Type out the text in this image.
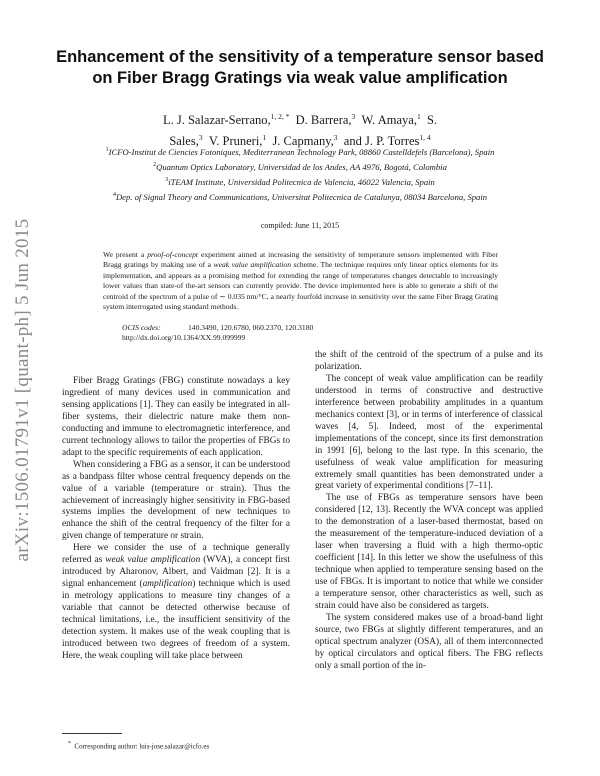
arXiv:1506.01791v1 [quant-ph] 5 Jun 2015
Enhancement of the sensitivity of a temperature sensor based on Fiber Bragg Gratings via weak value amplification
L. J. Salazar-Serrano,$^{1, 2, *}$ D. Barrera,$^3$ W. Amaya,$^1$ S.
Sales,$^3$ V. Pruneri,$^1$ J. Capmany,$^3$ and J. P. Torres$^{1, 4}$
$^1$ICFO-Institut de Ciencies Fotoniques, Mediterranean Technology Park, 08860 Castelldefels (Barcelona), Spain
$^2$Quantum Optics Laboratory, Universidad de los Andes, AA 4976, Bogotá, Colombia
$^3$iTEAM Institute, Universidad Politecnica de Valencia, 46022 Valencia, Spain
$^4$Dep. of Signal Theory and Communications, Universitat Politecnica de Catalunya, 08034 Barcelona, Spain
compiled: June 11, 2015
We present a proof-of-concept experiment aimed at increasing the sensitivity of temperature sensors implemented with Fiber Bragg gratings by making use of a weak value amplification scheme. The technique requires only linear optics elements for its implementation, and appears as a promising method for extending the range of temperatures changes detectable to increasingly lower values than state-of the-art sensors can currently provide. The device implemented here is able to generate a shift of the centroid of the spectrum of a pulse of ∼ 0.035 nm/°C, a nearly fourfold increase in sensitivity over the same Fiber Bragg Grating system interrogated using standard methods.
OCIS codes:	140.3490, 120.6780, 060.2370, 120.3180
http://dx.doi.org/10.1364/XX.99.099999

Fiber Bragg Gratings (FBG) constitute nowadays a key ingredient of many devices used in communication and sensing applications [1]. They can easily be integrated in all-fiber systems, their dielectric nature make them non-conducting and immune to electromagnetic interference, and current technology allows to tailor the properties of FBGs to adapt to the specific requirements of each application.

When considering a FBG as a sensor, it can be understood as a bandpass filter whose central frequency depends on the value of a variable (temperature or strain). Thus the achievement of increasingly higher sensitivity in FBG-based systems implies the development of new techniques to enhance the shift of the central frequency of the filter for a given change of temperature or strain.

Here we consider the use of a technique generally referred as weak value amplification (WVA), a concept first introduced by Aharonov, Albert, and Vaidman [2]. It is a signal enhancement (amplification) technique which is used in metrology applications to measure tiny changes of a variable that cannot be detected otherwise because of technical limitations, i.e., the insufficient sensitivity of the detection system. It makes use of the weak coupling that is introduced between two degrees of freedom of a system. Here, the weak coupling will take place between

the shift of the centroid of the spectrum of a pulse and its polarization.

The concept of weak value amplification can be readily understood in terms of constructive and destructive interference between probability amplitudes in a quantum mechanics context [3], or in terms of interference of classical waves [4, 5]. Indeed, most of the experimental implementations of the concept, since its first demonstration in 1991 [6], belong to the last type. In this scenario, the usefulness of weak value amplification for measuring extremely small quantities has been demonstrated under a great variety of experimental conditions [7–11].

The use of FBGs as temperature sensors have been considered [12, 13]. Recently the WVA concept was applied to the demonstration of a laser-based thermostat, based on the measurement of the temperature-induced deviation of a laser when traversing a fluid with a high thermo-optic coefficient [14]. In this letter we show the usefulness of this technique when applied to temperature sensing based on the use of FBGs. It is important to notice that while we consider a temperature sensor, other characteristics as well, such as strain could have also be considered as targets.

The system considered makes use of a broad-band light source, two FBGs at slightly different temperatures, and an optical spectrum analyzer (OSA), all of them interconnected by optical circulators and optical fibers. The FBG reflects only a small portion of the in-

* Corresponding author: luis-jose.salazar@icfo.es
